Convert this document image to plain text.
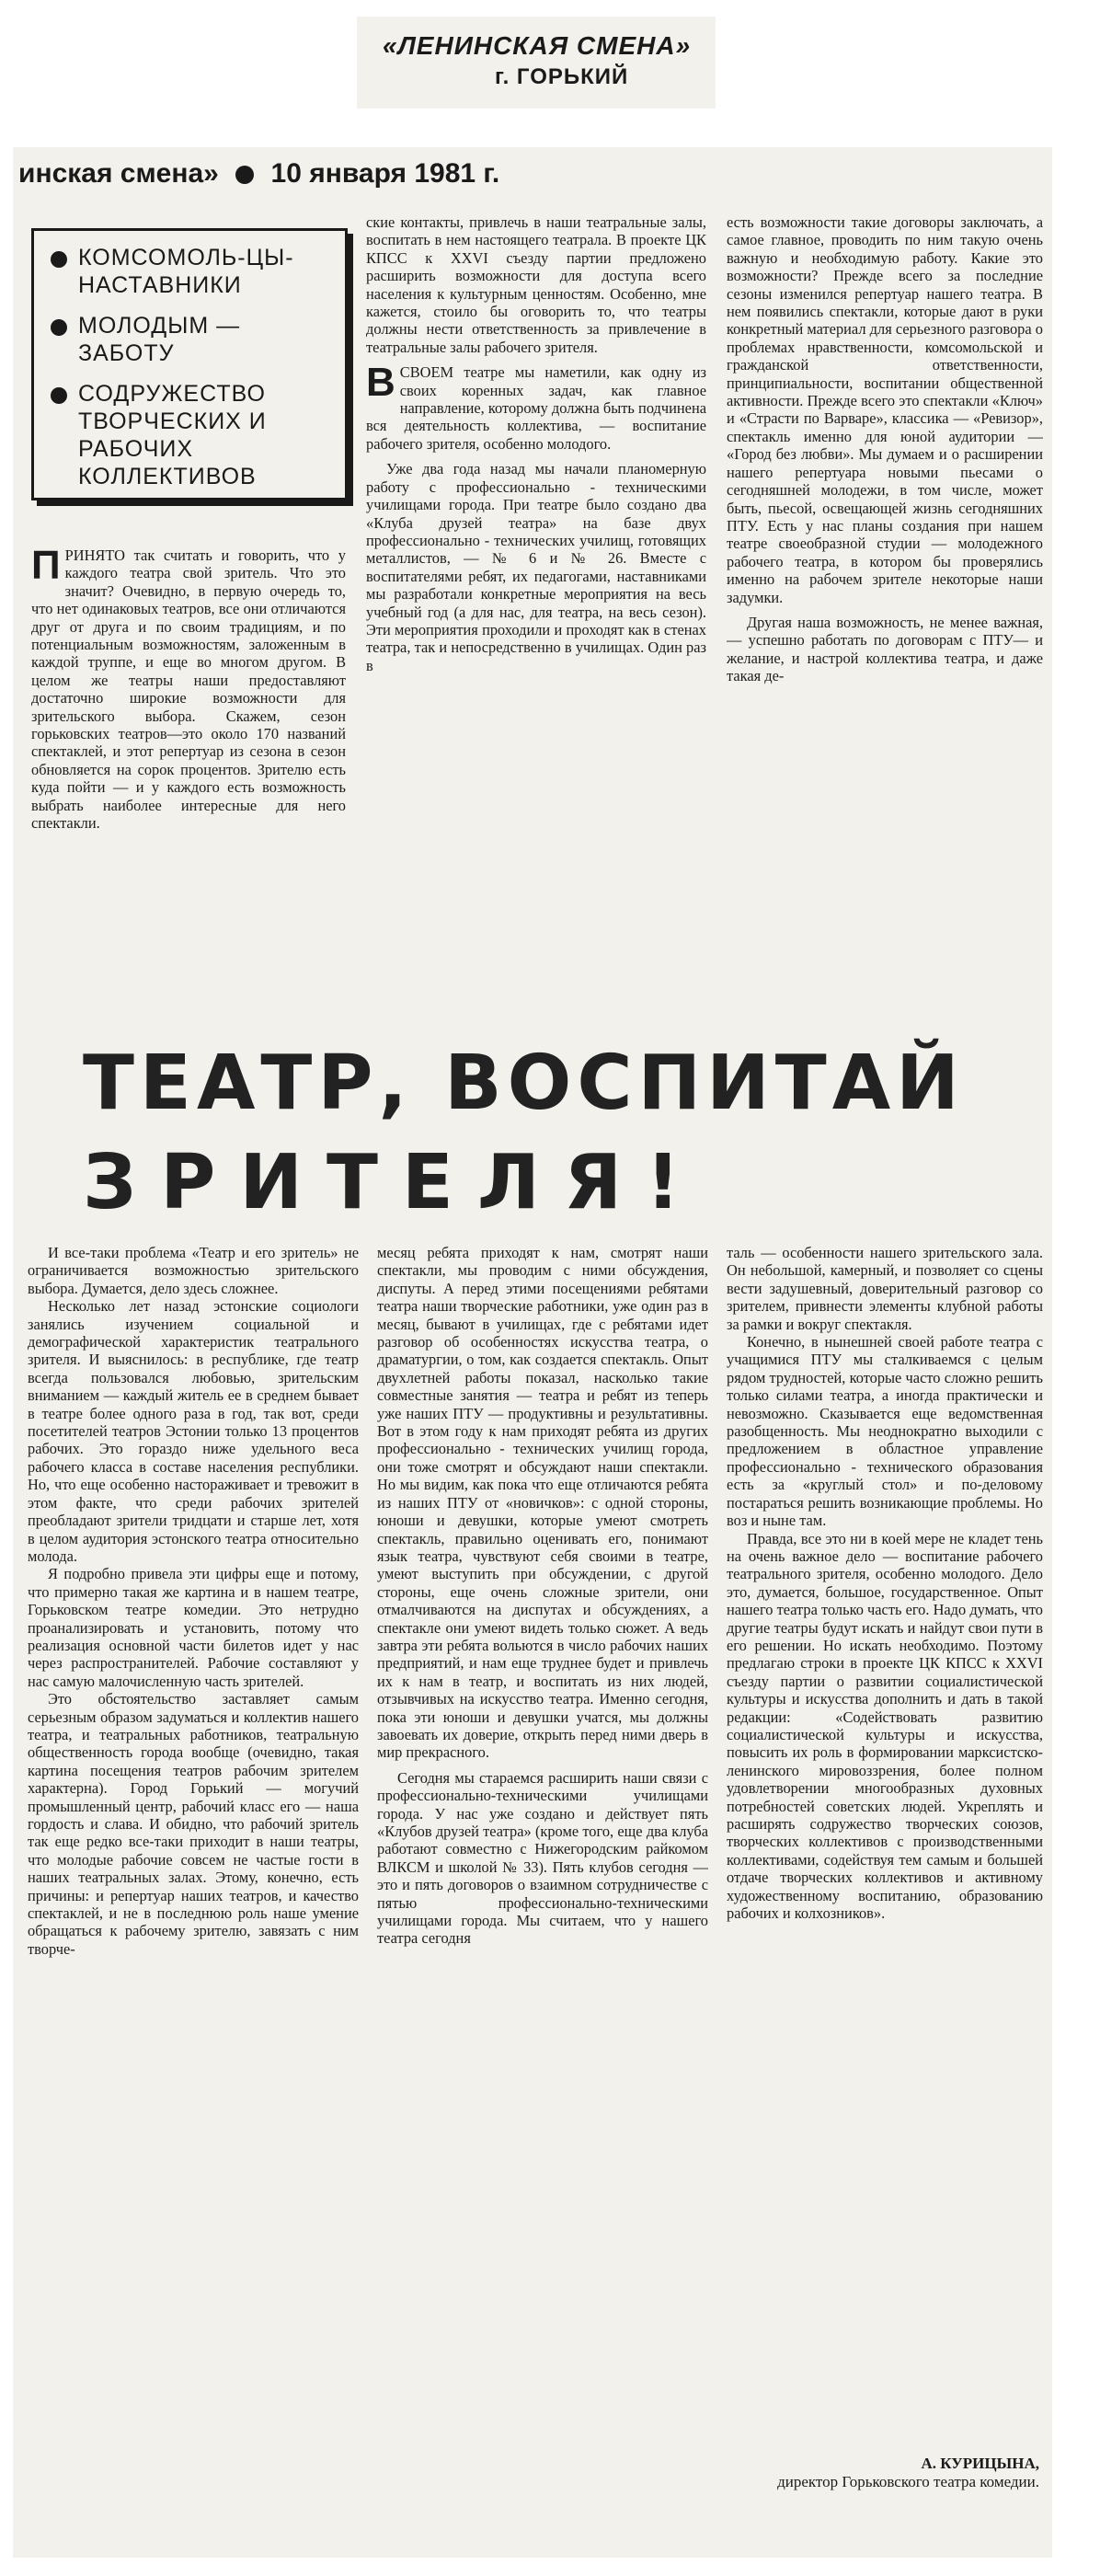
«ЛЕНИНСКАЯ СМЕНА»
г. ГОРЬКИЙ
инская смена» 10 января 1981 г.
КОМСОМОЛЬ-ЦЫ-НАСТАВНИКИ
МОЛОДЫМ — ЗАБОТУ
СОДРУЖЕСТВО ТВОРЧЕСКИХ И РАБОЧИХ КОЛЛЕКТИВОВ

ПРИНЯТО так считать и говорить, что у каждого театра свой зритель. Что это значит? Очевидно, в первую очередь то, что нет одинаковых театров, все они отличаются друг от друга и по своим традициям, и по потенциальным возможностям, заложенным в каждой труппе, и еще во многом другом. В целом же театры наши предоставляют достаточно широкие возможности для зрительского выбора. Скажем, сезон горьковских театров—это около 170 названий спектаклей, и этот репертуар из сезона в сезон обновляется на сорок процентов. Зрителю есть куда пойти — и у каждого есть возможность выбрать наиболее интересные для него спектакли.

ские контакты, привлечь в наши театральные залы, воспитать в нем настоящего театрала. В проекте ЦК КПСС к XXVI съезду партии предложено расширить возможности для доступа всего населения к культурным ценностям. Особенно, мне кажется, стоило бы оговорить то, что театры должны нести ответственность за привлечение в театральные залы рабочего зрителя.

В СВОЕМ театре мы наметили, как одну из своих коренных задач, как главное направление, которому должна быть подчинена вся деятельность коллектива, — воспитание рабочего зрителя, особенно молодого.

Уже два года назад мы начали планомерную работу с профессионально - техническими училищами города. При театре было создано два «Клуба друзей театра» на базе двух профессионально - технических училищ, готовящих металлистов, — № 6 и № 26. Вместе с воспитателями ребят, их педагогами, наставниками мы разработали конкретные мероприятия на весь учебный год (а для нас, для театра, на весь сезон). Эти мероприятия проходили и проходят как в стенах театра, так и непосредственно в училищах. Один раз в

есть возможности такие договоры заключать, а самое главное, проводить по ним такую очень важную и необходимую работу. Какие это возможности? Прежде всего за последние сезоны изменился репертуар нашего театра. В нем появились спектакли, которые дают в руки конкретный материал для серьезного разговора о проблемах нравственности, комсомольской и гражданской ответственности, принципиальности, воспитании общественной активности. Прежде всего это спектакли «Ключ» и «Страсти по Варваре», классика — «Ревизор», спектакль именно для юной аудитории — «Город без любви». Мы думаем и о расширении нашего репертуара новыми пьесами о сегодняшней молодежи, в том числе, может быть, пьесой, освещающей жизнь сегодняшних ПТУ. Есть у нас планы создания при нашем театре своеобразной студии — молодежного рабочего театра, в котором бы проверялись именно на рабочем зрителе некоторые наши задумки.

Другая наша возможность, не менее важная, — успешно работать по договорам с ПТУ— и желание, и настрой коллектива театра, и даже такая де-

ТЕАТР, ВОСПИТАЙ
ЗРИТЕЛЯ!

И все-таки проблема «Театр и его зритель» не ограничивается возможностью зрительского выбора. Думается, дело здесь сложнее.

Несколько лет назад эстонские социологи занялись изучением социальной и демографической характеристик театрального зрителя. И выяснилось: в республике, где театр всегда пользовался любовью, зрительским вниманием — каждый житель ее в среднем бывает в театре более одного раза в год, так вот, среди посетителей театров Эстонии только 13 процентов рабочих. Это гораздо ниже удельного веса рабочего класса в составе населения республики. Но, что еще особенно настораживает и тревожит в этом факте, что среди рабочих зрителей преобладают зрители тридцати и старше лет, хотя в целом аудитория эстонского театра относительно молода.

Я подробно привела эти цифры еще и потому, что примерно такая же картина и в нашем театре, Горьковском театре комедии. Это нетрудно проанализировать и установить, потому что реализация основной части билетов идет у нас через распространителей. Рабочие составляют у нас самую малочисленную часть зрителей.

Это обстоятельство заставляет самым серьезным образом задуматься и коллектив нашего театра, и театральных работников, театральную общественность города вообще (очевидно, такая картина посещения театров рабочим зрителем характерна). Город Горький — могучий промышленный центр, рабочий класс его — наша гордость и слава. И обидно, что рабочий зритель так еще редко все-таки приходит в наши театры, что молодые рабочие совсем не частые гости в наших театральных залах. Этому, конечно, есть причины: и репертуар наших театров, и качество спектаклей, и не в последнюю роль наше умение обращаться к рабочему зрителю, завязать с ним творче-

месяц ребята приходят к нам, смотрят наши спектакли, мы проводим с ними обсуждения, диспуты. А перед этими посещениями ребятами театра наши творческие работники, уже один раз в месяц, бывают в училищах, где с ребятами идет разговор об особенностях искусства театра, о драматургии, о том, как создается спектакль. Опыт двухлетней работы показал, насколько такие совместные занятия — театра и ребят из теперь уже наших ПТУ — продуктивны и результативны. Вот в этом году к нам приходят ребята из других профессионально - технических училищ города, они тоже смотрят и обсуждают наши спектакли. Но мы видим, как пока что еще отличаются ребята из наших ПТУ от «новичков»: с одной стороны, юноши и девушки, которые умеют смотреть спектакль, правильно оценивать его, понимают язык театра, чувствуют себя своими в театре, умеют выступить при обсуждении, с другой стороны, еще очень сложные зрители, они отмалчиваются на диспутах и обсуждениях, а спектакле они умеют видеть только сюжет. А ведь завтра эти ребята вольются в число рабочих наших предприятий, и нам еще труднее будет и привлечь их к нам в театр, и воспитать из них людей, отзывчивых на искусство театра. Именно сегодня, пока эти юноши и девушки учатся, мы должны завоевать их доверие, открыть перед ними дверь в мир прекрасного.

Сегодня мы стараемся расширить наши связи с профессионально-техническими училищами города. У нас уже создано и действует пять «Клубов друзей театра» (кроме того, еще два клуба работают совместно с Нижегородским райкомом ВЛКСМ и школой № 33). Пять клубов сегодня — это и пять договоров о взаимном сотрудничестве с пятью профессионально-техническими училищами города. Мы считаем, что у нашего театра сегодня

таль — особенности нашего зрительского зала. Он небольшой, камерный, и позволяет со сцены вести задушевный, доверительный разговор со зрителем, привнести элементы клубной работы за рамки и вокруг спектакля.

Конечно, в нынешней своей работе театра с учащимися ПТУ мы сталкиваемся с целым рядом трудностей, которые часто сложно решить только силами театра, а иногда практически и невозможно. Сказывается еще ведомственная разобщенность. Мы неоднократно выходили с предложением в областное управление профессионально - технического образования есть за «круглый стол» и по-деловому постараться решить возникающие проблемы. Но воз и ныне там.

Правда, все это ни в коей мере не кладет тень на очень важное дело — воспитание рабочего театрального зрителя, особенно молодого. Дело это, думается, большое, государственное. Опыт нашего театра только часть его. Надо думать, что другие театры будут искать и найдут свои пути в его решении. Но искать необходимо. Поэтому предлагаю строки в проекте ЦК КПСС к XXVI съезду партии о развитии социалистической культуры и искусства дополнить и дать в такой редакции: «Содействовать развитию социалистической культуры и искусства, повысить их роль в формировании марксистско-ленинского мировоззрения, более полном удовлетворении многообразных духовных потребностей советских людей. Укреплять и расширять содружество творческих союзов, творческих коллективов с производственными коллективами, содействуя тем самым и большей отдаче творческих коллективов и активному художественному воспитанию, образованию рабочих и колхозников».

А. КУРИЦЫНА,
директор Горьковского театра комедии.
